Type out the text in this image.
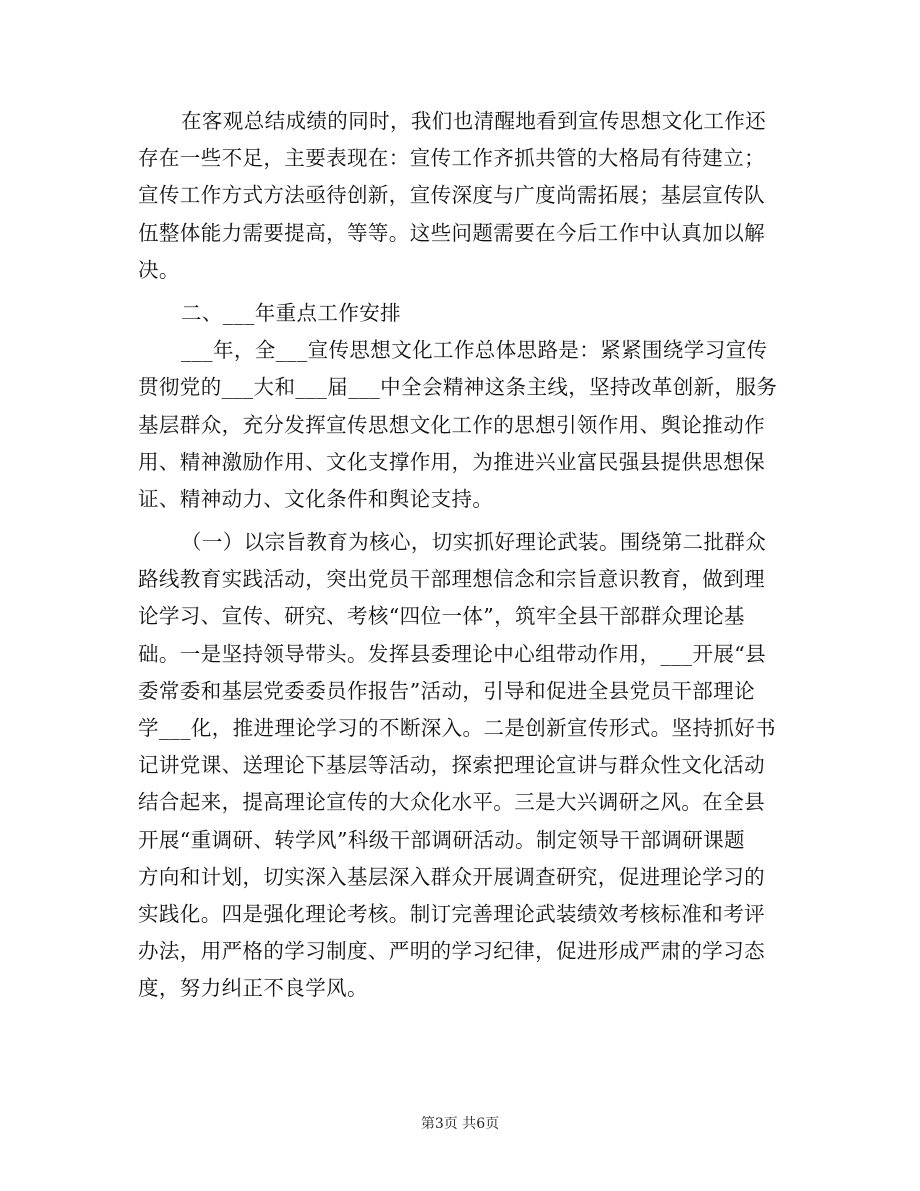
在客观总结成绩的同时，我们也清醒地看到宣传思想文化工作还
存在一些不足，主要表现在：宣传工作齐抓共管的大格局有待建立；
宣传工作方式方法亟待创新，宣传深度与广度尚需拓展；基层宣传队
伍整体能力需要提高，等等。这些问题需要在今后工作中认真加以解
决。
二、___年重点工作安排
___年，全___宣传思想文化工作总体思路是：紧紧围绕学习宣传
贯彻党的___大和___届___中全会精神这条主线，坚持改革创新，服务
基层群众，充分发挥宣传思想文化工作的思想引领作用、舆论推动作
用、精神激励作用、文化支撑作用，为推进兴业富民强县提供思想保
证、精神动力、文化条件和舆论支持。
（一）以宗旨教育为核心，切实抓好理论武装。围绕第二批群众
路线教育实践活动，突出党员干部理想信念和宗旨意识教育，做到理
论学习、宣传、研究、考核“四位一体”，筑牢全县干部群众理论基
础。一是坚持领导带头。发挥县委理论中心组带动作用，___开展“县
委常委和基层党委委员作报告”活动，引导和促进全县党员干部理论
学___化，推进理论学习的不断深入。二是创新宣传形式。坚持抓好书
记讲党课、送理论下基层等活动，探索把理论宣讲与群众性文化活动
结合起来，提高理论宣传的大众化水平。三是大兴调研之风。在全县
开展“重调研、转学风”科级干部调研活动。制定领导干部调研课题
方向和计划，切实深入基层深入群众开展调查研究，促进理论学习的
实践化。四是强化理论考核。制订完善理论武装绩效考核标准和考评
办法，用严格的学习制度、严明的学习纪律，促进形成严肃的学习态
度，努力纠正不良学风。
第3页 共6页
